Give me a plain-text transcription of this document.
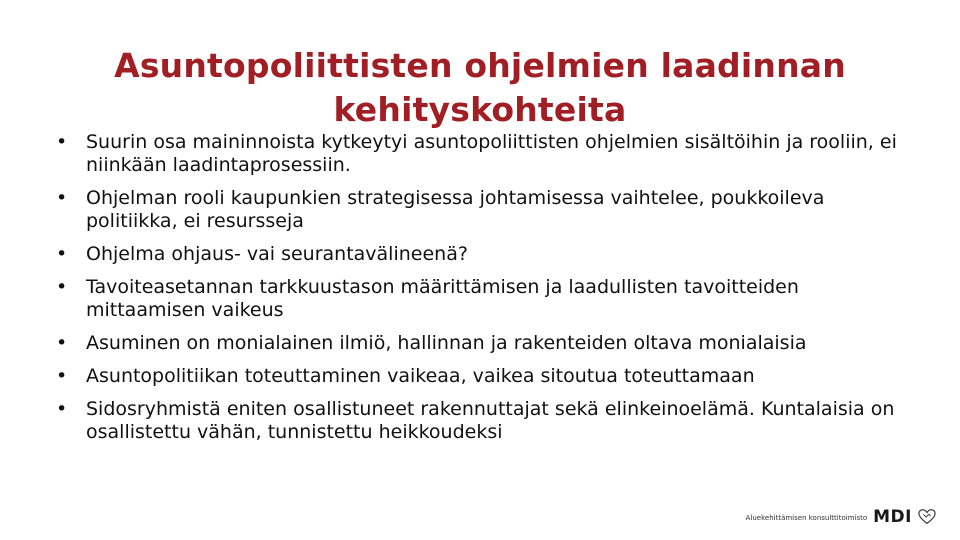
Asuntopoliittisten ohjelmien laadinnan
kehityskohteita
• Suurin osa maininnoista kytkeytyi asuntopoliittisten ohjelmien sisältöihin ja rooliin, ei niinkään laadintaprosessiin.
• Ohjelman rooli kaupunkien strategisessa johtamisessa vaihtelee, poukkoileva politiikka, ei resursseja
• Ohjelma ohjaus- vai seurantavälineenä?
• Tavoiteasetannan tarkkuustason määrittämisen ja laadullisten tavoitteiden mittaamisen vaikeus
• Asuminen on monialainen ilmiö, hallinnan ja rakenteiden oltava monialaisia
• Asuntopolitiikan toteuttaminen vaikeaa, vaikea sitoutua toteuttamaan
• Sidosryhmistä eniten osallistuneet rakennuttajat sekä elinkeinoelämä. Kuntalaisia on osallistettu vähän, tunnistettu heikkoudeksi
Aluekehittämisen konsulttitoimisto MDI
